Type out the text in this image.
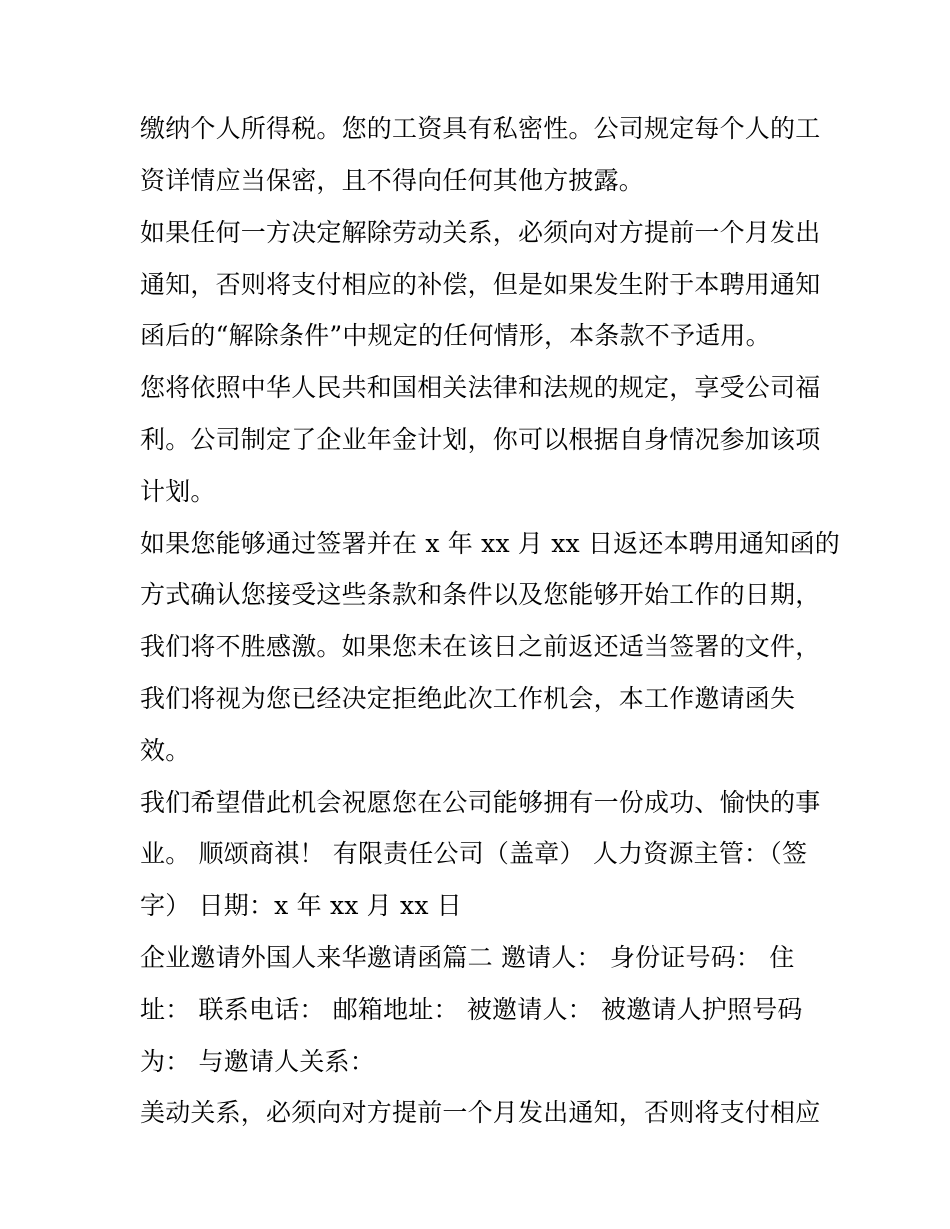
缴纳个人所得税。您的工资具有私密性。公司规定每个人的工
资详情应当保密，且不得向任何其他方披露。
如果任何一方决定解除劳动关系，必须向对方提前一个月发出
通知，否则将支付相应的补偿，但是如果发生附于本聘用通知
函后的“解除条件”中规定的任何情形，本条款不予适用。
您将依照中华人民共和国相关法律和法规的规定，享受公司福
利。公司制定了企业年金计划，你可以根据自身情况参加该项
计划。
如果您能够通过签署并在 x 年 xx 月 xx 日返还本聘用通知函的
方式确认您接受这些条款和条件以及您能够开始工作的日期，
我们将不胜感激。如果您未在该日之前返还适当签署的文件，
我们将视为您已经决定拒绝此次工作机会，本工作邀请函失
效。
我们希望借此机会祝愿您在公司能够拥有一份成功、愉快的事
业。 顺颂商祺！ 有限责任公司（盖章） 人力资源主管：（签
字） 日期：x 年 xx 月 xx 日
企业邀请外国人来华邀请函篇二 邀请人： 身份证号码： 住
址： 联系电话： 邮箱地址： 被邀请人： 被邀请人护照号码
为： 与邀请人关系：
美动关系，必须向对方提前一个月发出通知，否则将支付相应
